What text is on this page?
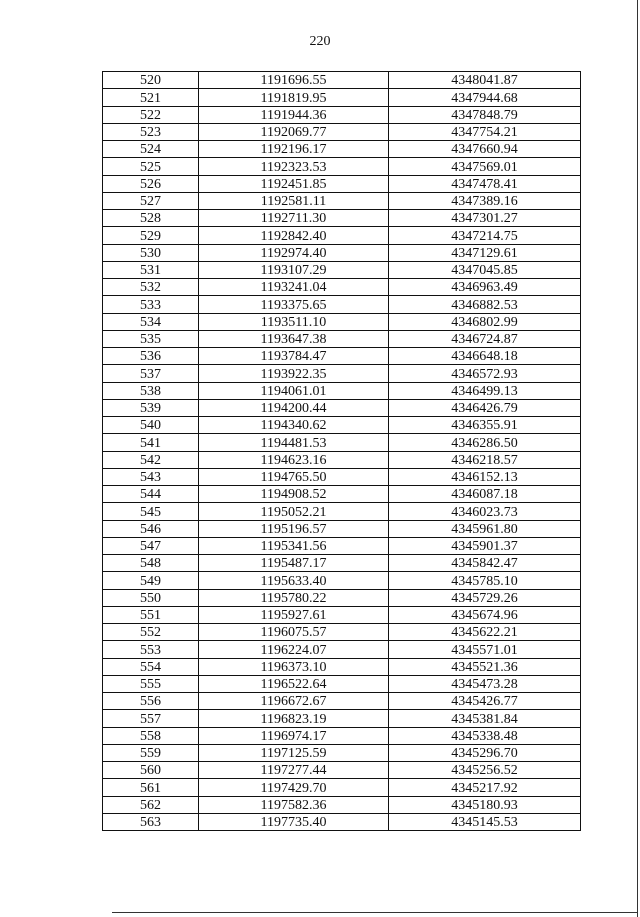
220
520	1191696.55	4348041.87
521	1191819.95	4347944.68
522	1191944.36	4347848.79
523	1192069.77	4347754.21
524	1192196.17	4347660.94
525	1192323.53	4347569.01
526	1192451.85	4347478.41
527	1192581.11	4347389.16
528	1192711.30	4347301.27
529	1192842.40	4347214.75
530	1192974.40	4347129.61
531	1193107.29	4347045.85
532	1193241.04	4346963.49
533	1193375.65	4346882.53
534	1193511.10	4346802.99
535	1193647.38	4346724.87
536	1193784.47	4346648.18
537	1193922.35	4346572.93
538	1194061.01	4346499.13
539	1194200.44	4346426.79
540	1194340.62	4346355.91
541	1194481.53	4346286.50
542	1194623.16	4346218.57
543	1194765.50	4346152.13
544	1194908.52	4346087.18
545	1195052.21	4346023.73
546	1195196.57	4345961.80
547	1195341.56	4345901.37
548	1195487.17	4345842.47
549	1195633.40	4345785.10
550	1195780.22	4345729.26
551	1195927.61	4345674.96
552	1196075.57	4345622.21
553	1196224.07	4345571.01
554	1196373.10	4345521.36
555	1196522.64	4345473.28
556	1196672.67	4345426.77
557	1196823.19	4345381.84
558	1196974.17	4345338.48
559	1197125.59	4345296.70
560	1197277.44	4345256.52
561	1197429.70	4345217.92
562	1197582.36	4345180.93
563	1197735.40	4345145.53
